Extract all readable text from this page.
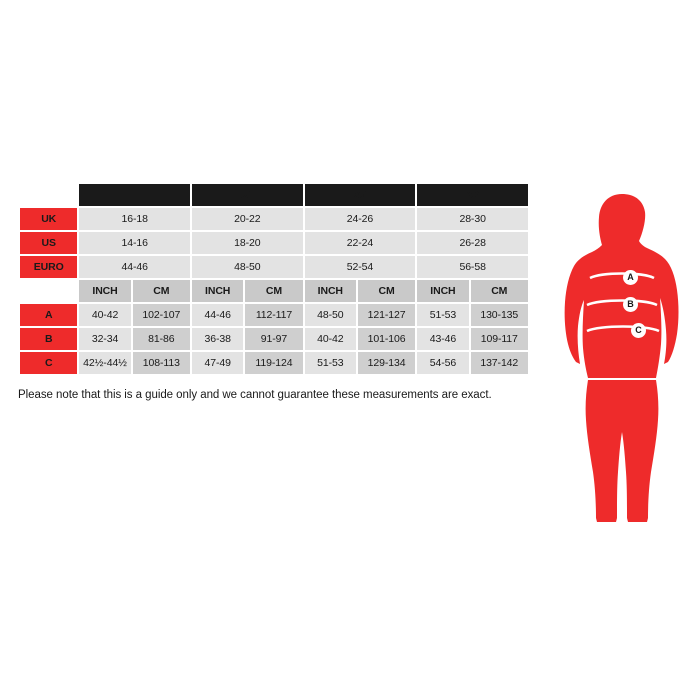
	L		X1		X2		X3	
UK	16-18		20-22		24-26		28-30	
US	14-16		18-20		22-24		26-28	
EURO	44-46		48-50		52-54		56-58	
	INCH	CM	INCH	CM	INCH	CM	INCH	CM
A	40-42	102-107	44-46	112-117	48-50	121-127	51-53	130-135
B	32-34	81-86	36-38	91-97	40-42	101-106	43-46	109-117
C	42½-44½	108-113	47-49	119-124	51-53	129-134	54-56	137-142
Please note that this is a guide only and we cannot guarantee these measurements are exact.
A
B
C
